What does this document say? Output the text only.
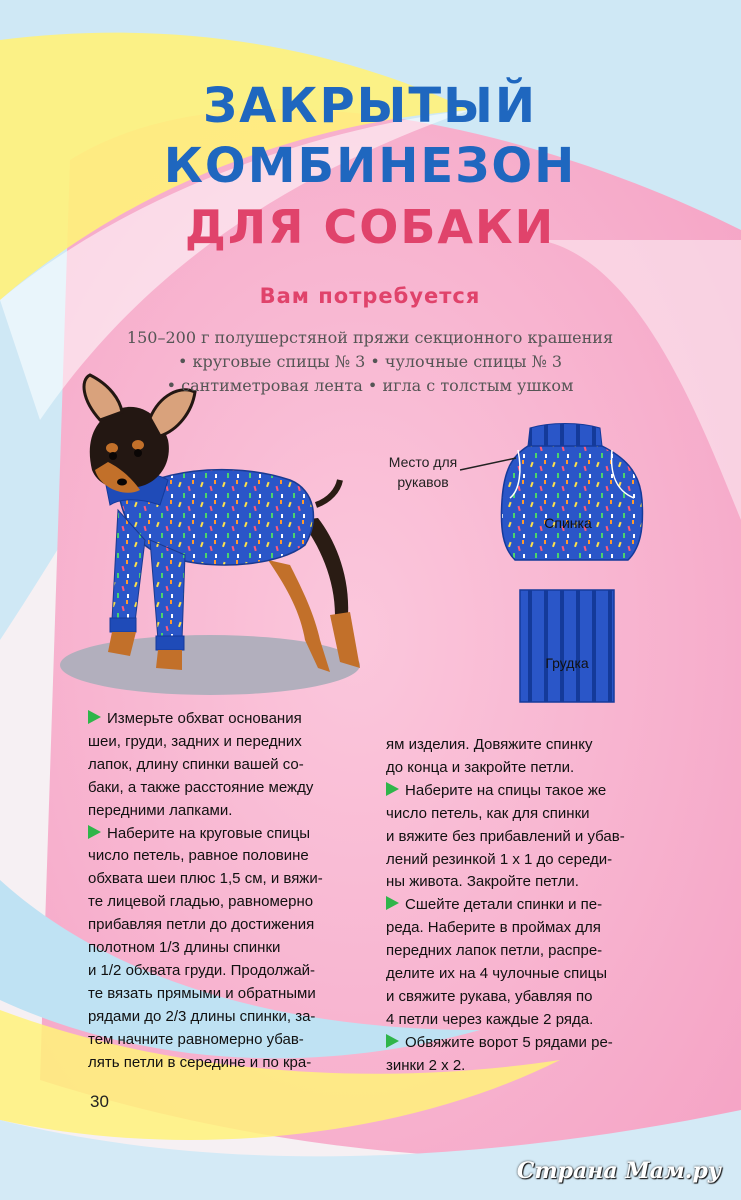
Спинка
Грудка
ЗАКРЫТЫЙ
КОМБИНЕЗОН
ДЛЯ СОБАКИ
Вам потребуется
150–200 г полушерстяной пряжи секционного крашения
• круговые спицы № 3 • чулочные спицы № 3
• сантиметровая лента • игла с толстым ушком
Место для
рукавов

Измерьте обхват основания

шеи, груди, задних и передних

лапок, длину спинки вашей со-

баки, а также расстояние между

передними лапками.

Наберите на круговые спицы

число петель, равное половине

обхвата шеи плюс 1,5 см, и вяжи-

те лицевой гладью, равномерно

прибавляя петли до достижения

полотном 1/3 длины спинки

и 1/2 обхвата груди. Продолжай-

те вязать прямыми и обратными

рядами до 2/3 длины спинки, за-

тем начните равномерно убав-

лять петли в середине и по кра-

ям изделия. Довяжите спинку

до конца и закройте петли.

Наберите на спицы такое же

число петель, как для спинки

и вяжите без прибавлений и убав-

лений резинкой 1 х 1 до середи-

ны живота. Закройте петли.

Сшейте детали спинки и пе-

реда. Наберите в проймах для

передних лапок петли, распре-

делите их на 4 чулочные спицы

и свяжите рукава, убавляя по

4 петли через каждые 2 ряда.

Обвяжите ворот 5 рядами ре-

зинки 2 х 2.

30
Страна Мам.ру
